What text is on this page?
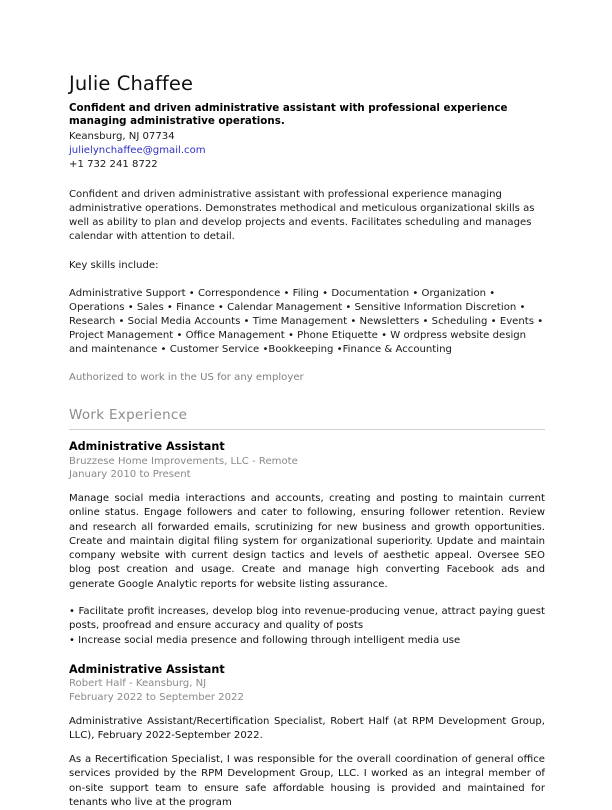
Julie Chaffee
Confident and driven administrative assistant with professional experience managing administrative operations.
Keansburg, NJ 07734
julielynchaffee@gmail.com
+1 732 241 8722
Confident and driven administrative assistant with professional experience managing administrative operations. Demonstrates methodical and meticulous organizational skills as well as ability to plan and develop projects and events. Facilitates scheduling and manages calendar with attention to detail.
Key skills include:
Administrative Support • Correspondence • Filing • Documentation • Organization • Operations • Sales • Finance • Calendar Management • Sensitive Information Discretion • Research • Social Media Accounts • Time Management • Newsletters • Scheduling • Events • Project Management • Office Management • Phone Etiquette • W ordpress website design and maintenance • Customer Service •Bookkeeping •Finance & Accounting
Authorized to work in the US for any employer
Work Experience
Administrative Assistant
Bruzzese Home Improvements, LLC - Remote
January 2010 to Present
Manage social media interactions and accounts, creating and posting to maintain current online status. Engage followers and cater to following, ensuring follower retention. Review and research all forwarded emails, scrutinizing for new business and growth opportunities. Create and maintain digital filing system for organizational superiority. Update and maintain company website with current design tactics and levels of aesthetic appeal. Oversee SEO blog post creation and usage. Create and manage high converting Facebook ads and generate Google Analytic reports for website listing assurance.
• Facilitate profit increases, develop blog into revenue-producing venue, attract paying guest posts, proofread and ensure accuracy and quality of posts
• Increase social media presence and following through intelligent media use
Administrative Assistant
Robert Half - Keansburg, NJ
February 2022 to September 2022
Administrative Assistant/Recertification Specialist, Robert Half (at RPM Development Group, LLC), February 2022-September 2022.
As a Recertification Specialist, I was responsible for the overall coordination of general office services provided by the RPM Development Group, LLC. I worked as an integral member of on-site support team to ensure safe affordable housing is provided and maintained for tenants who live at the program
